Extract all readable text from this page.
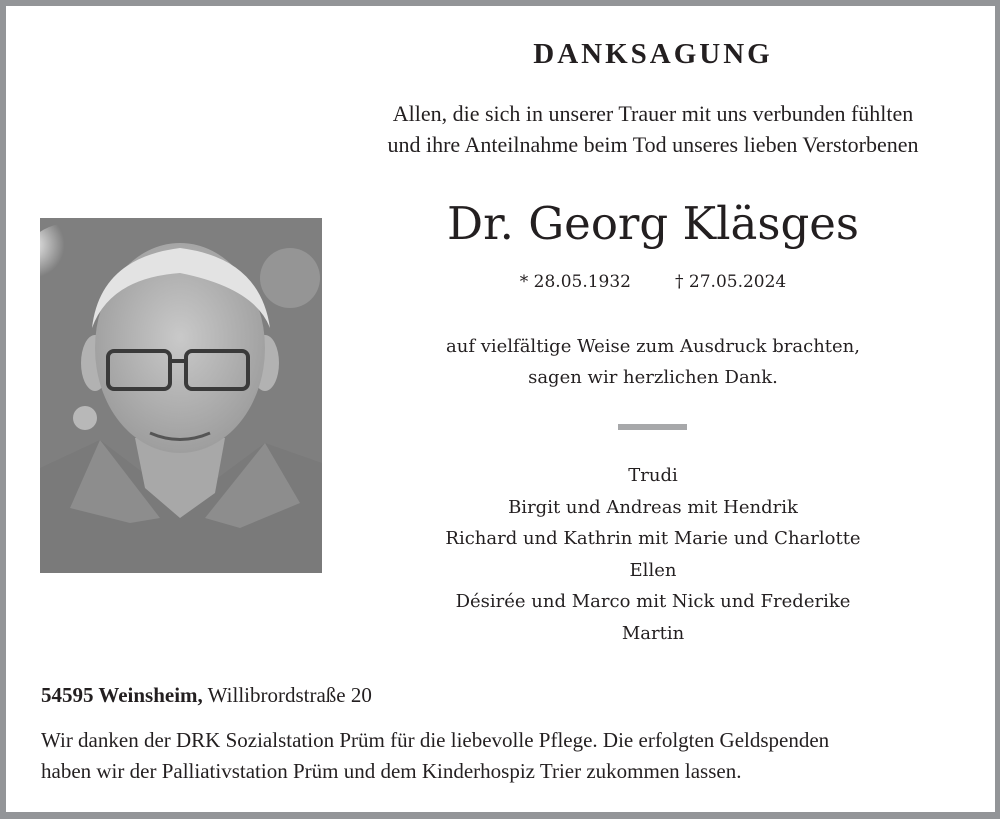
DANKSAGUNG
Allen, die sich in unserer Trauer mit uns verbunden fühlten
und ihre Anteilnahme beim Tod unseres lieben Verstorbenen
Dr. Georg Kläsges
* 28.05.1932	† 27.05.2024
auf vielfältige Weise zum Ausdruck brachten,
sagen wir herzlichen Dank.
Trudi
Birgit und Andreas mit Hendrik
Richard und Kathrin mit Marie und Charlotte
Ellen
Désirée und Marco mit Nick und Frederike
Martin
54595 Weinsheim, Willibrordstraße 20
Wir danken der DRK Sozialstation Prüm für die liebevolle Pflege. Die erfolgten Geldspenden
haben wir der Palliativstation Prüm und dem Kinderhospiz Trier zukommen lassen.
